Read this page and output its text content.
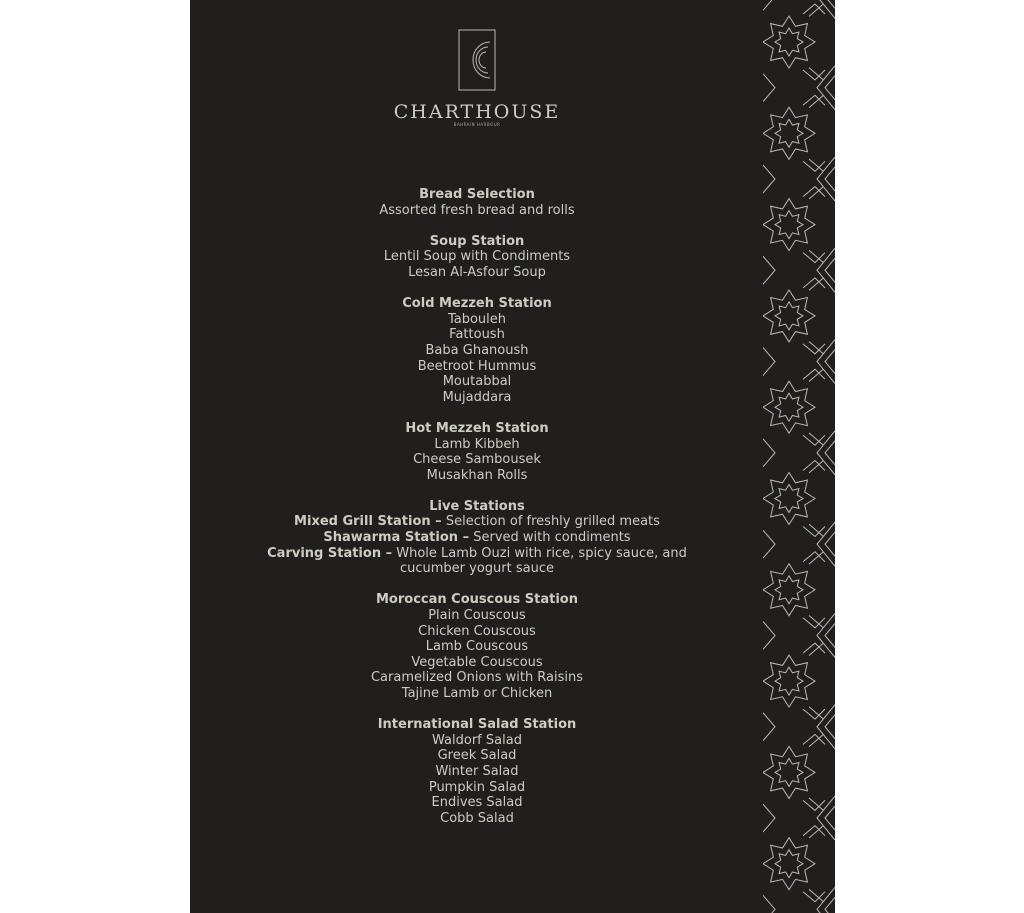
CHARTHOUSE
BAHRAIN HARBOUR
Bread Selection
Assorted fresh bread and rolls
Soup Station
Lentil Soup with Condiments
Lesan Al-Asfour Soup
Cold Mezzeh Station
Tabouleh
Fattoush
Baba Ghanoush
Beetroot Hummus
Moutabbal
Mujaddara
Hot Mezzeh Station
Lamb Kibbeh
Cheese Sambousek
Musakhan Rolls
Live Stations
Mixed Grill Station – Selection of freshly grilled meats
Shawarma Station – Served with condiments
Carving Station – Whole Lamb Ouzi with rice, spicy sauce, and cucumber yogurt sauce
Moroccan Couscous Station
Plain Couscous
Chicken Couscous
Lamb Couscous
Vegetable Couscous
Caramelized Onions with Raisins
Tajine Lamb or Chicken
International Salad Station
Waldorf Salad
Greek Salad
Winter Salad
Pumpkin Salad
Endives Salad
Cobb Salad
